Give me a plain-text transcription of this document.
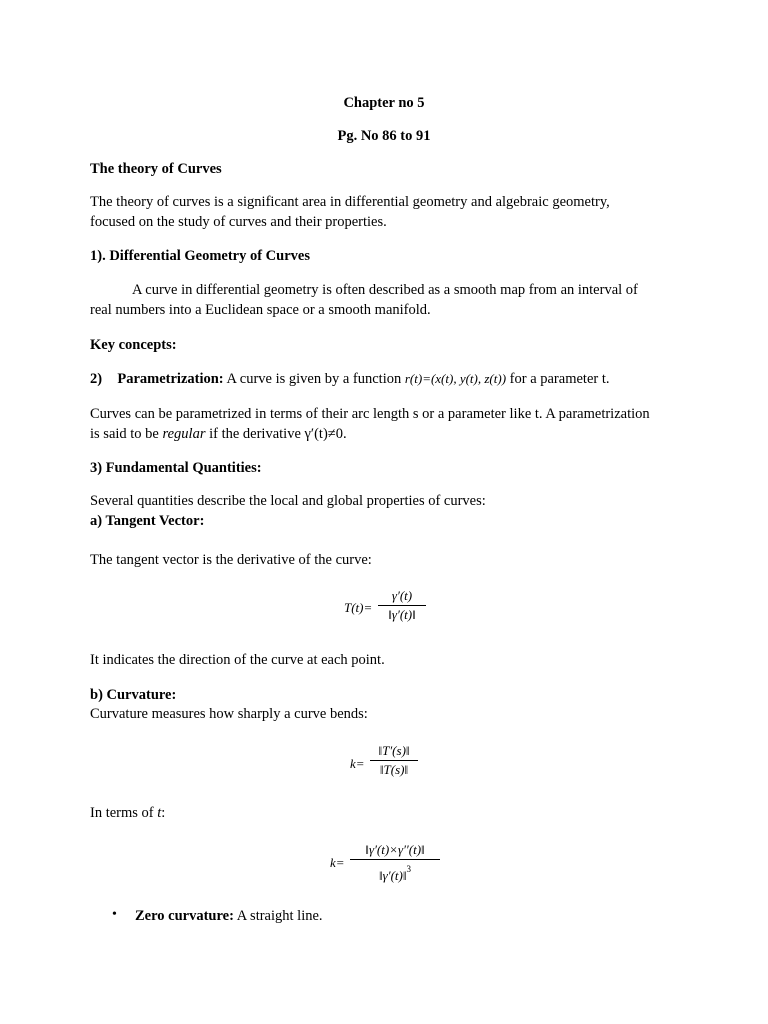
Chapter no 5
Pg. No 86 to 91
The theory of Curves
The theory of curves is a significant area in differential geometry and algebraic geometry,
focused on the study of curves and their properties.
1). Differential Geometry of Curves
A curve in differential geometry is often described as a smooth map from an interval of
real numbers into a Euclidean space or a smooth manifold.
Key concepts:
2) Parametrization: A curve is given by a function r(t)=(x(t), y(t), z(t)) for a parameter t.
Curves can be parametrized in terms of their arc length s or a parameter like t. A parametrization
is said to be regular if the derivative γ′(t)≠0.
3) Fundamental Quantities:
Several quantities describe the local and global properties of curves:
a) Tangent Vector:
The tangent vector is the derivative of the curve:
T(t)=
γ′(t)
‖γ′(t)‖
It indicates the direction of the curve at each point.
b) Curvature:
Curvature measures how sharply a curve bends:
k=
‖T′(s)‖
‖T(s)‖
In terms of t:
k=
‖γ′(t)×γ′′(t)‖
‖γ′(t)‖$^3$
• Zero curvature: A straight line.
